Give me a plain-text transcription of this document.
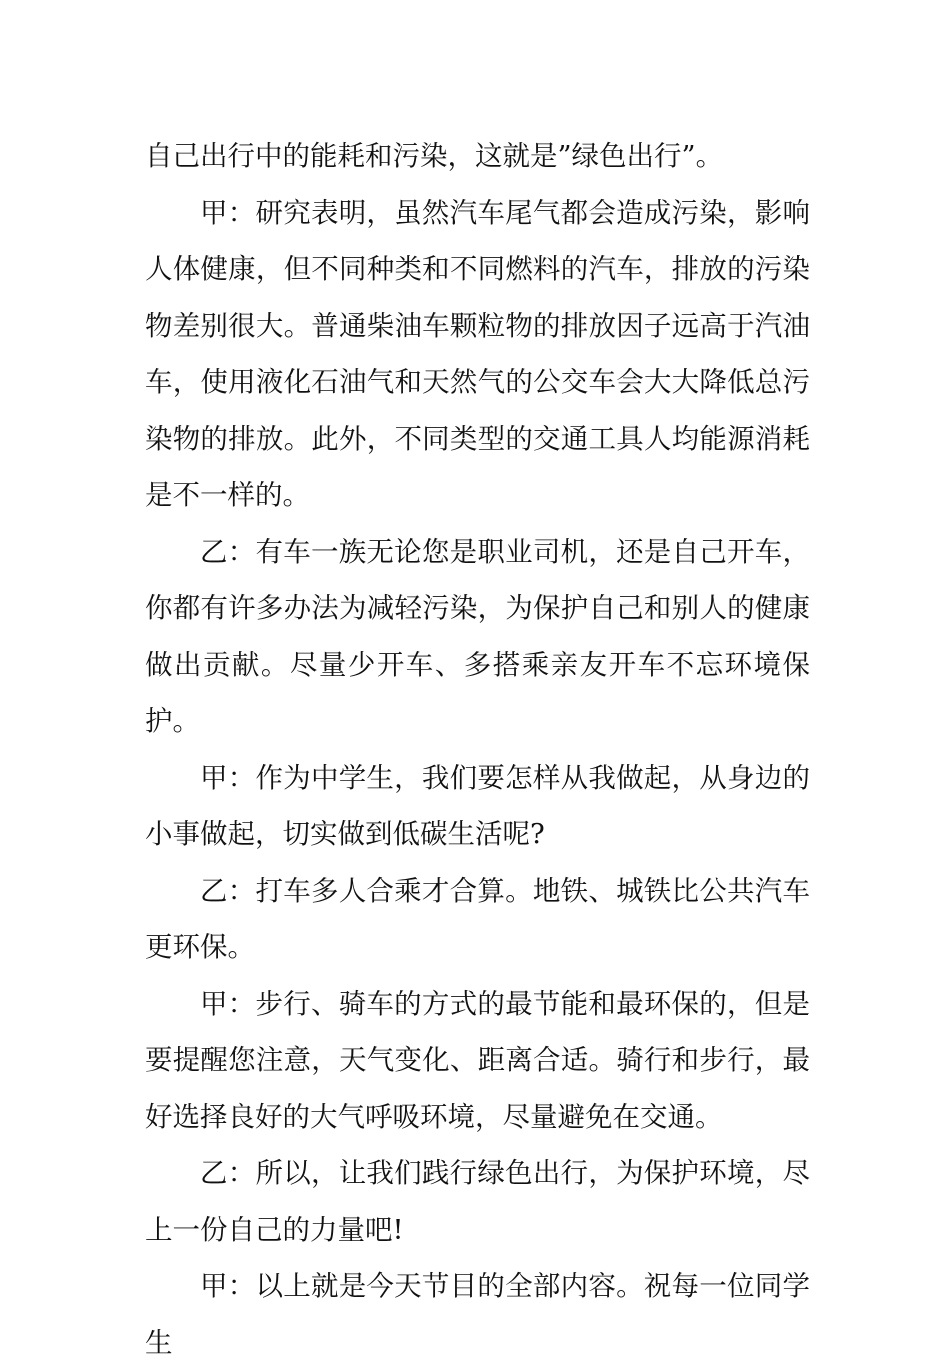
自己出行中的能耗和污染，这就是”绿色出行”。

甲：研究表明，虽然汽车尾气都会造成污染，影响人体健康，但不同种类和不同燃料的汽车，排放的污染物差别很大。普通柴油车颗粒物的排放因子远高于汽油车，使用液化石油气和天然气的公交车会大大降低总污染物的排放。此外，不同类型的交通工具人均能源消耗是不一样的。

乙：有车一族无论您是职业司机，还是自己开车，你都有许多办法为减轻污染，为保护自己和别人的健康做出贡献。尽量少开车、多搭乘亲友开车不忘环境保护。

甲：作为中学生，我们要怎样从我做起，从身边的小事做起，切实做到低碳生活呢?

乙：打车多人合乘才合算。地铁、城铁比公共汽车更环保。

甲：步行、骑车的方式的最节能和最环保的，但是要提醒您注意，天气变化、距离合适。骑行和步行，最好选择良好的大气呼吸环境，尽量避免在交通。

乙：所以，让我们践行绿色出行，为保护环境，尽上一份自己的力量吧!

甲：以上就是今天节目的全部内容。祝每一位同学生
